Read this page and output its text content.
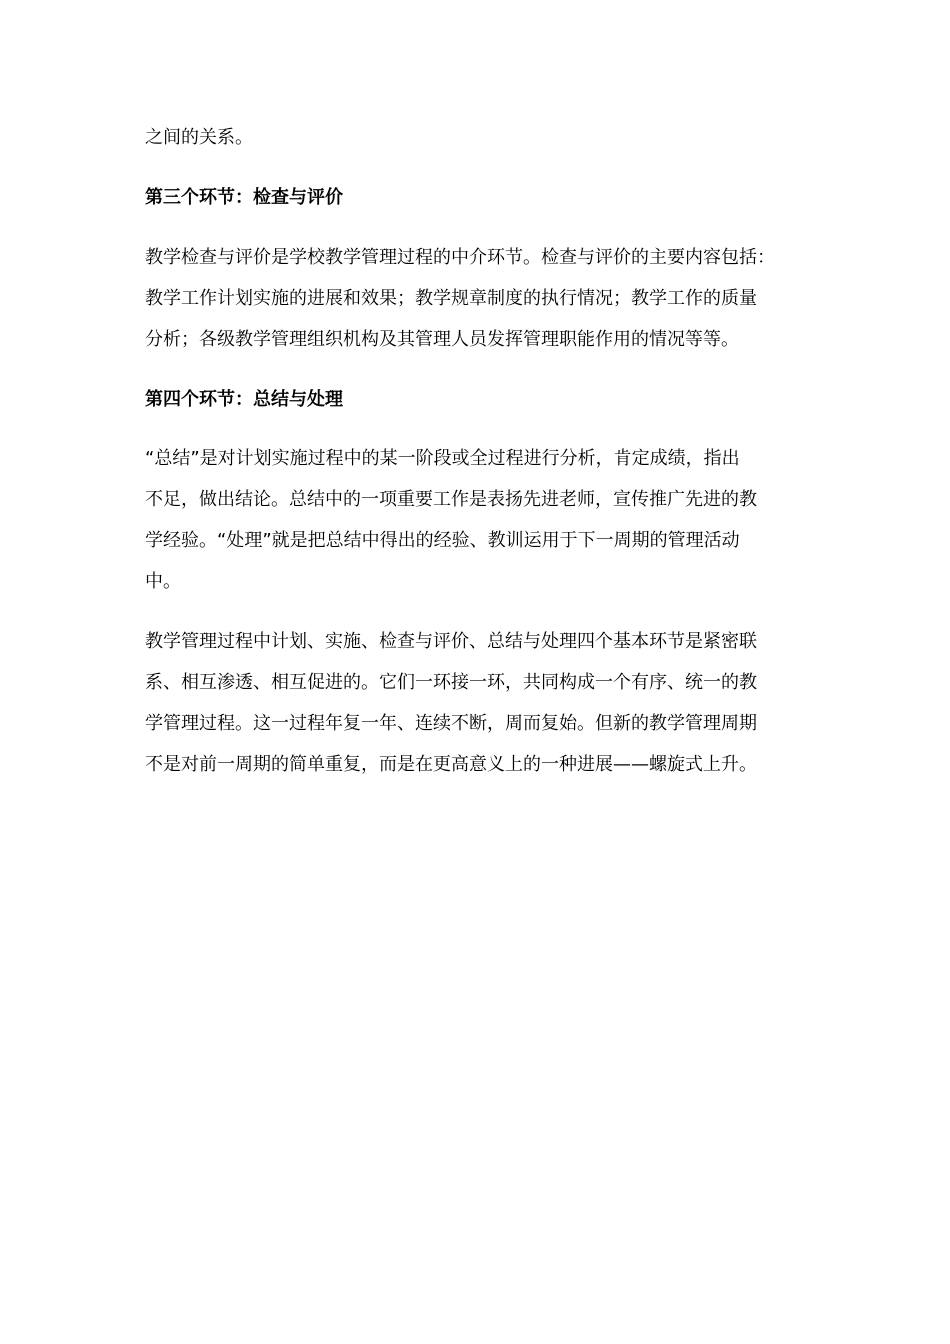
之间的关系。

第三个环节：检查与评价

教学检查与评价是学校教学管理过程的中介环节。检查与评价的主要内容包括：
教学工作计划实施的进展和效果；教学规章制度的执行情况；教学工作的质量
分析；各级教学管理组织机构及其管理人员发挥管理职能作用的情况等等。

第四个环节：总结与处理

“总结”是对计划实施过程中的某一阶段或全过程进行分析，肯定成绩，指出
不足，做出结论。总结中的一项重要工作是表扬先进老师，宣传推广先进的教
学经验。“处理”就是把总结中得出的经验、教训运用于下一周期的管理活动
中。

教学管理过程中计划、实施、检查与评价、总结与处理四个基本环节是紧密联
系、相互渗透、相互促进的。它们一环接一环，共同构成一个有序、统一的教
学管理过程。这一过程年复一年、连续不断，周而复始。但新的教学管理周期
不是对前一周期的简单重复，而是在更高意义上的一种进展——螺旋式上升。
